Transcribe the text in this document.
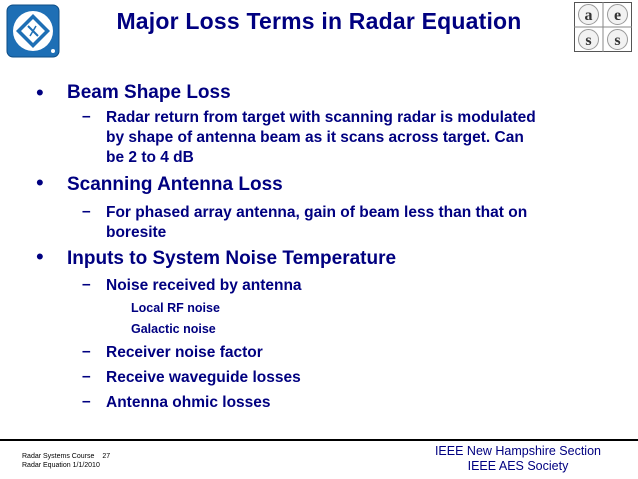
Major Loss Terms in Radar Equation	a e
s s
• Beam Shape Loss
– Radar return from target with scanning radar is modulated by shape of antenna beam as it scans across target. Can be 2 to 4 dB
• Scanning Antenna Loss
– For phased array antenna, gain of beam less than that on boresite
• Inputs to System Noise Temperature
– Noise received by antenna
Local RF noise
Galactic noise
– Receiver noise factor
– Receive waveguide losses
– Antenna ohmic losses
Radar Systems Course 27
Radar Equation 1/1/2010
IEEE New Hampshire Section
IEEE AES Society
